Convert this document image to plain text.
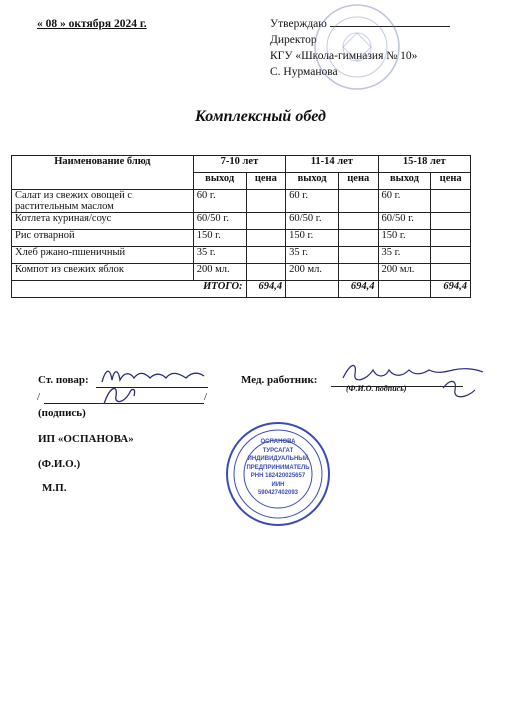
« 08 » октября 2024 г.	Утверждаю
Директор
КГУ «Школа-гимназия № 10»
С. Нурманова
Комплексный обед
Наименование блюд	7-10 лет		11-14 лет		15-18 лет	
	выход	цена	выход	цена	выход	цена
Салат из свежих овощей с растительным маслом	60 г.		60 г.		60 г.	
Котлета куриная/соус	60/50 г.		60/50 г.		60/50 г.	
Рис отварной	150 г.		150 г.		150 г.	
Хлеб ржано-пшеничный	35 г.		35 г.		35 г.	
Компот из свежих яблок	200 мл.		200 мл.		200 мл.	
ИТОГО:		694,4		694,4		694,4
Ст. повар:
/	/
(подпись)
Мед. работник:
(Ф.И.О. подпись)
ИП «ОСПАНОВА»
(Ф.И.О.)
М.П.
ОСПАНОВА
ТУРСАГАТ
ИНДИВИДУАЛЬНЫЙ
ПРЕДПРИНИМАТЕЛЬ
РНН 182420025657
ИИН
590427402093
